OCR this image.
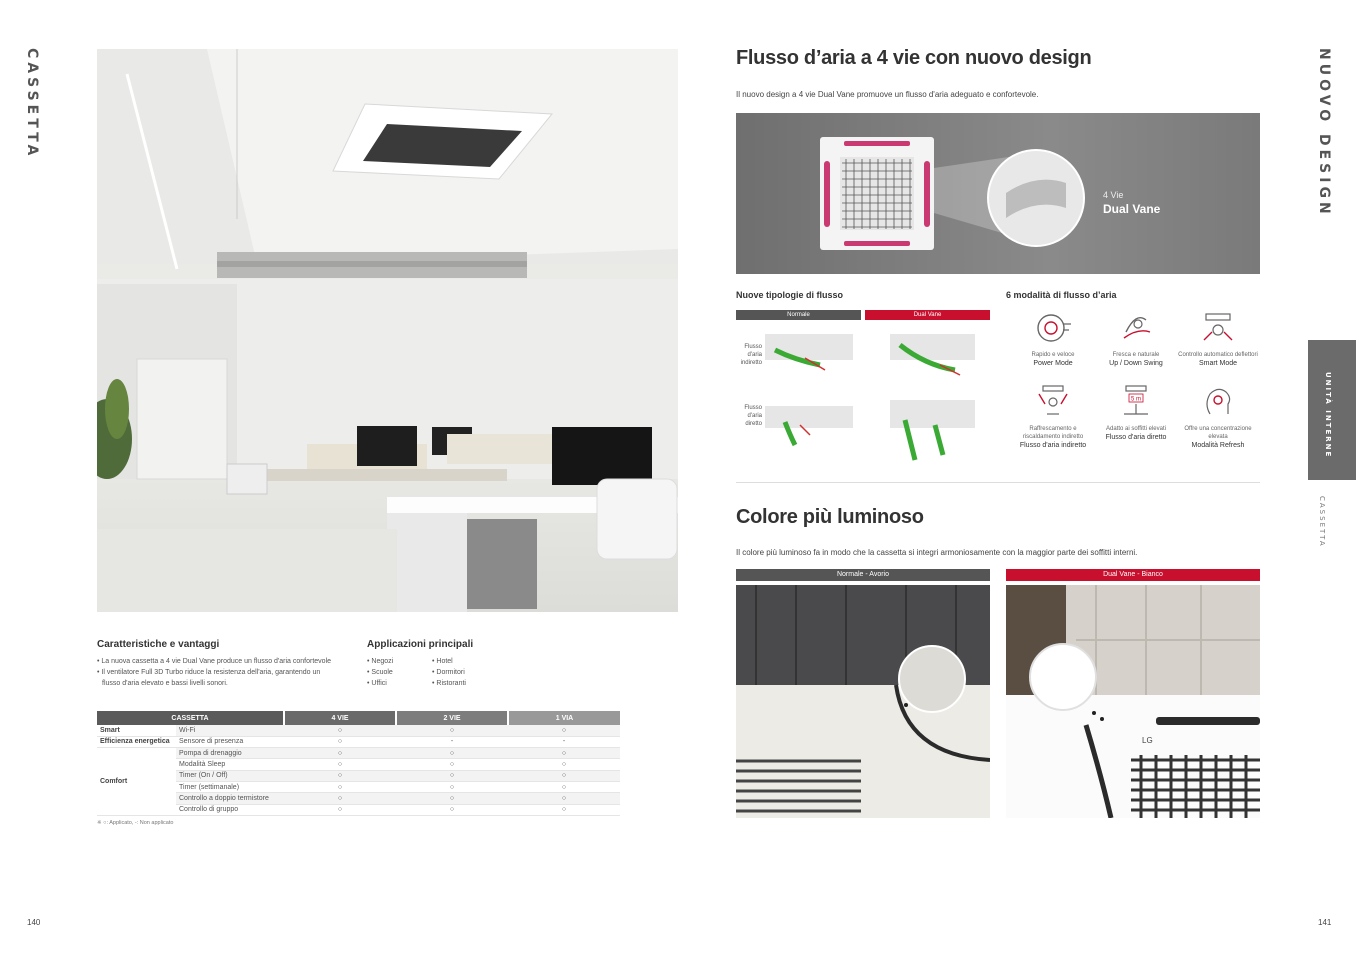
CASSETTA	NUOVO DESIGN
UNITÀ INTERNE
CASSETTA
140	141
Caratteristiche e vantaggi
• La nuova cassetta a 4 vie Dual Vane produce un flusso d'aria confortevole
• Il ventilatore Full 3D Turbo riduce la resistenza dell'aria, garantendo un
flusso d'aria elevato e bassi livelli sonori.
Applicazioni principali
• Negozi
• Scuole
• Uffici
• Hotel
• Dormitori
• Ristoranti
CASSETTA		4 VIE	2 VIE	1 VIA
Smart	Wi-Fi	○	○	○
Efficienza energetica	Sensore di presenza	○	-	-
Comfort	Pompa di drenaggio	○	○	○
	Modalità Sleep	○	○	○
	Timer (On / Off)	○	○	○
	Timer (settimanale)	○	○	○
	Controllo a doppio termistore	○	○	○
	Controllo di gruppo	○	○	○
※ ○: Applicato, -: Non applicato
Flusso d’aria a 4 vie con nuovo design
Il nuovo design a 4 vie Dual Vane promuove un flusso d'aria adeguato e confortevole.
4 Vie
Dual Vane
Nuove tipologie di flusso
Normale	Dual Vane
Flusso
d'aria
indiretto
Flusso
d'aria
diretto
6 modalità di flusso d’aria
Rapido e veloce
Power Mode
Fresca e naturale
Up / Down Swing
Controllo automatico deflettori
Smart Mode
Raffrescamento e riscaldamento indiretto
Flusso d'aria indiretto
5 m
Adatto ai soffitti elevati
Flusso d'aria diretto
Offre una concentrazione elevata
Modalità Refresh
Colore più luminoso
Il colore più luminoso fa in modo che la cassetta si integri armoniosamente con la maggior parte dei soffitti interni.
Normale - Avorio	Dual Vane - Bianco
LG
